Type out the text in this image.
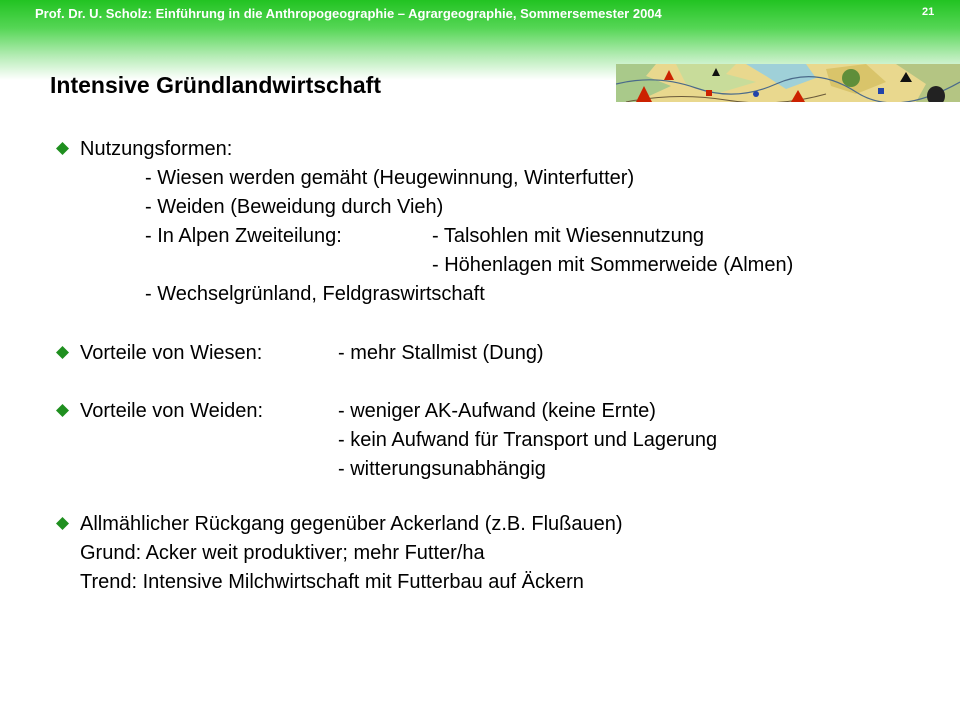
Prof. Dr. U. Scholz: Einführung in die Anthropogeographie – Agrargeographie, Sommersemester 2004	21
Intensive Gründlandwirtschaft
Nutzungsformen:
- Wiesen werden gemäht (Heugewinnung, Winterfutter)
- Weiden (Beweidung durch Vieh)
- In Alpen Zweiteilung:	- Talsohlen mit Wiesennutzung
- Höhenlagen mit Sommerweide (Almen)
- Wechselgrünland, Feldgraswirtschaft
Vorteile von Wiesen:	- mehr Stallmist (Dung)
Vorteile von Weiden:	- weniger AK-Aufwand (keine Ernte)
- kein Aufwand für Transport und Lagerung
- witterungsunabhängig
Allmählicher Rückgang gegenüber Ackerland (z.B. Flußauen)
Grund: Acker weit produktiver; mehr Futter/ha
Trend: Intensive Milchwirtschaft mit Futterbau auf Äckern
